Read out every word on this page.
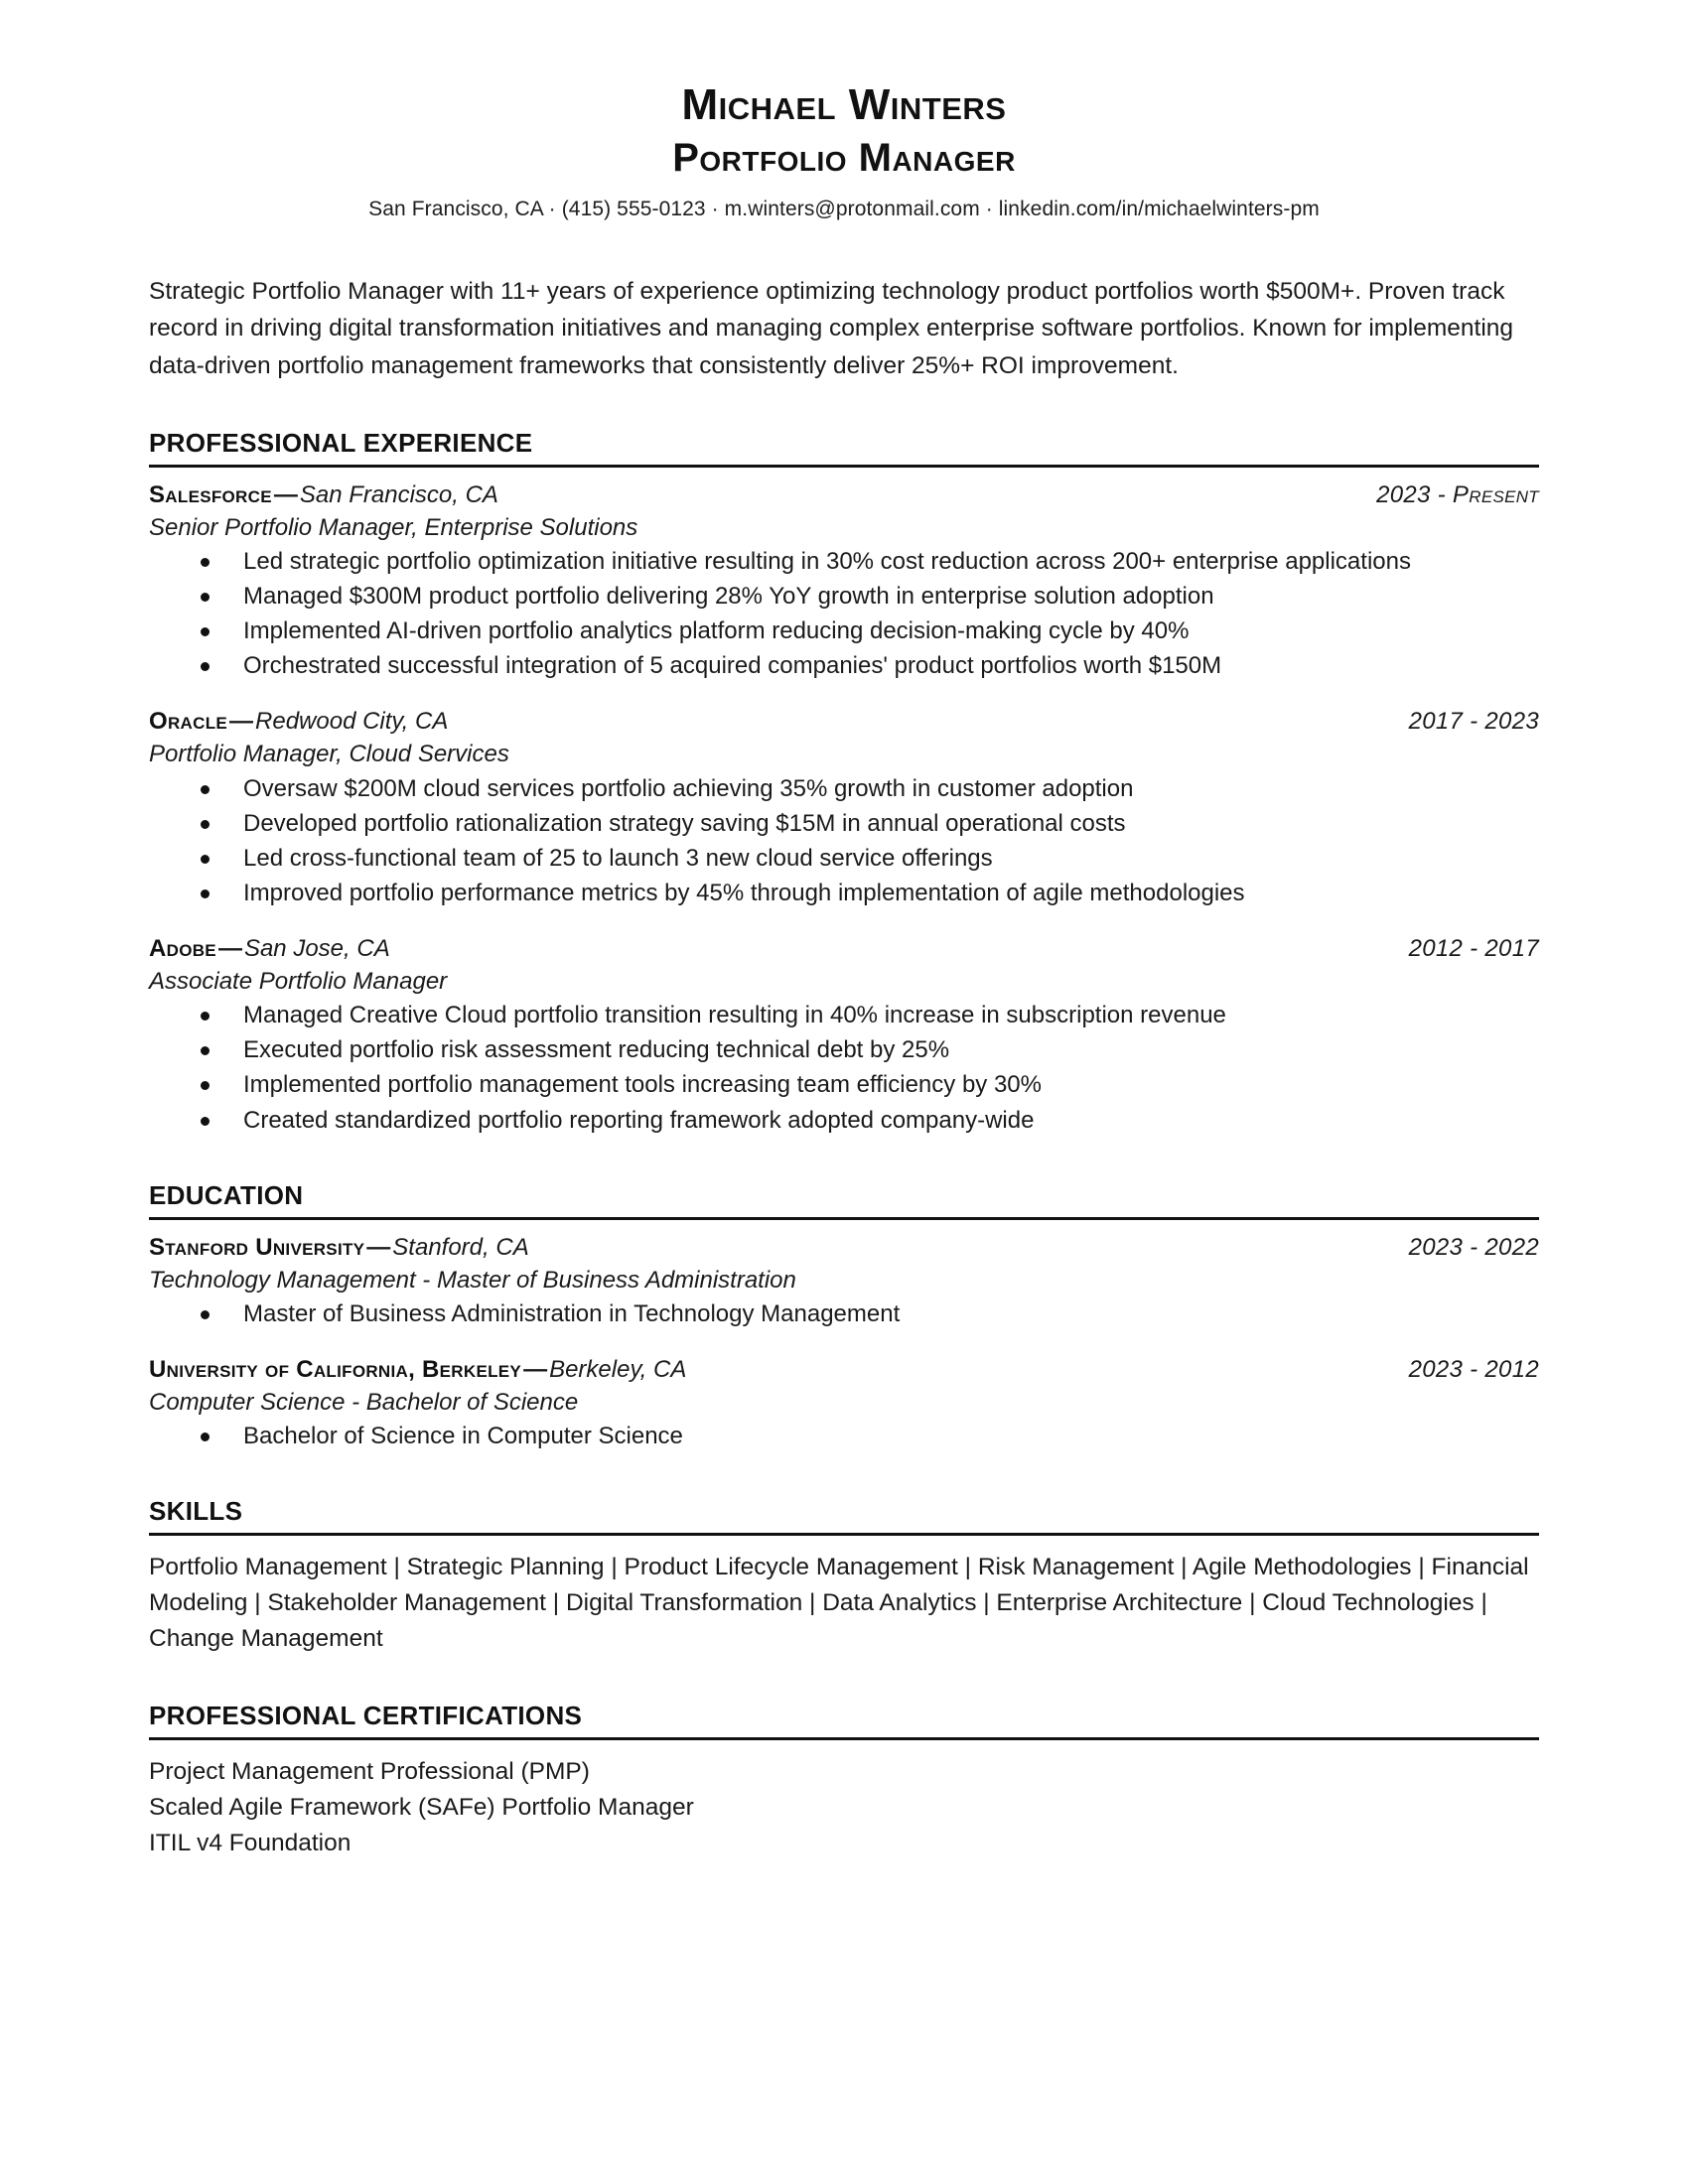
Michael Winters
Portfolio Manager
San Francisco, CA · (415) 555-0123 · m.winters@protonmail.com · linkedin.com/in/michaelwinters-pm
Strategic Portfolio Manager with 11+ years of experience optimizing technology product portfolios worth $500M+. Proven track record in driving digital transformation initiatives and managing complex enterprise software portfolios. Known for implementing data-driven portfolio management frameworks that consistently deliver 25%+ ROI improvement.
PROFESSIONAL EXPERIENCE
Salesforce—San Francisco, CA	2023 - Present
Senior Portfolio Manager, Enterprise Solutions
Led strategic portfolio optimization initiative resulting in 30% cost reduction across 200+ enterprise applications
Managed $300M product portfolio delivering 28% YoY growth in enterprise solution adoption
Implemented AI-driven portfolio analytics platform reducing decision-making cycle by 40%
Orchestrated successful integration of 5 acquired companies' product portfolios worth $150M
Oracle—Redwood City, CA	2017 - 2023
Portfolio Manager, Cloud Services
Oversaw $200M cloud services portfolio achieving 35% growth in customer adoption
Developed portfolio rationalization strategy saving $15M in annual operational costs
Led cross-functional team of 25 to launch 3 new cloud service offerings
Improved portfolio performance metrics by 45% through implementation of agile methodologies
Adobe—San Jose, CA	2012 - 2017
Associate Portfolio Manager
Managed Creative Cloud portfolio transition resulting in 40% increase in subscription revenue
Executed portfolio risk assessment reducing technical debt by 25%
Implemented portfolio management tools increasing team efficiency by 30%
Created standardized portfolio reporting framework adopted company-wide
EDUCATION
Stanford University—Stanford, CA	2023 - 2022
Technology Management - Master of Business Administration
Master of Business Administration in Technology Management
University of California, Berkeley—Berkeley, CA	2023 - 2012
Computer Science - Bachelor of Science
Bachelor of Science in Computer Science
SKILLS
Portfolio Management | Strategic Planning | Product Lifecycle Management | Risk Management | Agile Methodologies | Financial Modeling | Stakeholder Management | Digital Transformation | Data Analytics | Enterprise Architecture | Cloud Technologies | Change Management
PROFESSIONAL CERTIFICATIONS
Project Management Professional (PMP)
Scaled Agile Framework (SAFe) Portfolio Manager
ITIL v4 Foundation
